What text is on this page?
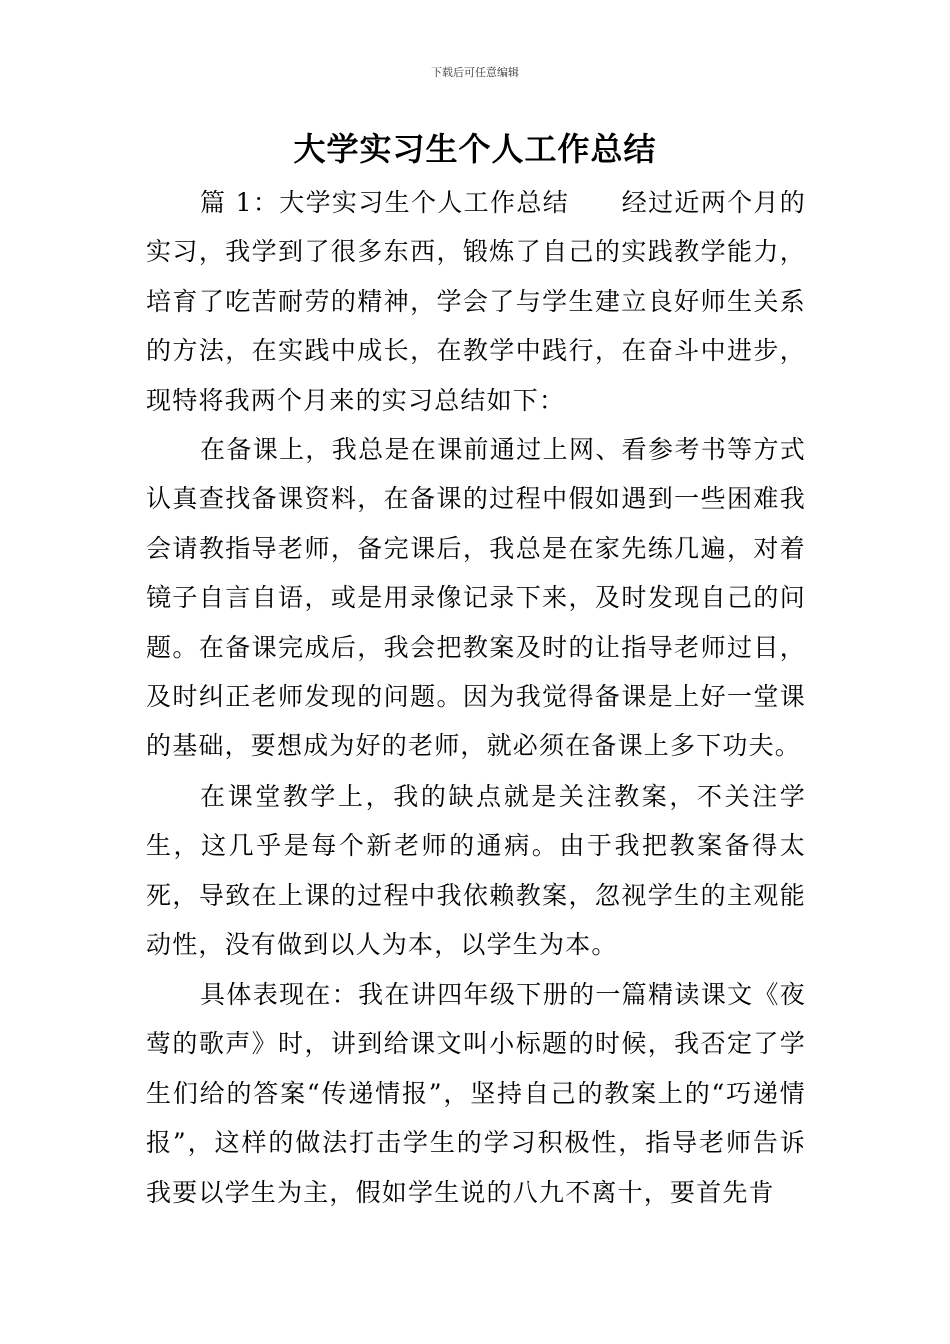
下载后可任意编辑
大学实习生个人工作总结

篇 1：大学实习生个人工作总结　　经过近两个月的实习，我学到了很多东西，锻炼了自己的实践教学能力，培育了吃苦耐劳的精神，学会了与学生建立良好师生关系的方法，在实践中成长，在教学中践行，在奋斗中进步，现特将我两个月来的实习总结如下：

在备课上，我总是在课前通过上网、看参考书等方式认真查找备课资料，在备课的过程中假如遇到一些困难我会请教指导老师，备完课后，我总是在家先练几遍，对着镜子自言自语，或是用录像记录下来，及时发现自己的问题。在备课完成后，我会把教案及时的让指导老师过目，及时纠正老师发现的问题。因为我觉得备课是上好一堂课的基础，要想成为好的老师，就必须在备课上多下功夫。

在课堂教学上，我的缺点就是关注教案，不关注学生，这几乎是每个新老师的通病。由于我把教案备得太死，导致在上课的过程中我依赖教案，忽视学生的主观能动性，没有做到以人为本，以学生为本。

具体表现在：我在讲四年级下册的一篇精读课文《夜莺的歌声》时，讲到给课文叫小标题的时候，我否定了学生们给的答案“传递情报”，坚持自己的教案上的“巧递情报”，这样的做法打击学生的学习积极性，指导老师告诉我要以学生为主，假如学生说的八九不离十，要首先肯
